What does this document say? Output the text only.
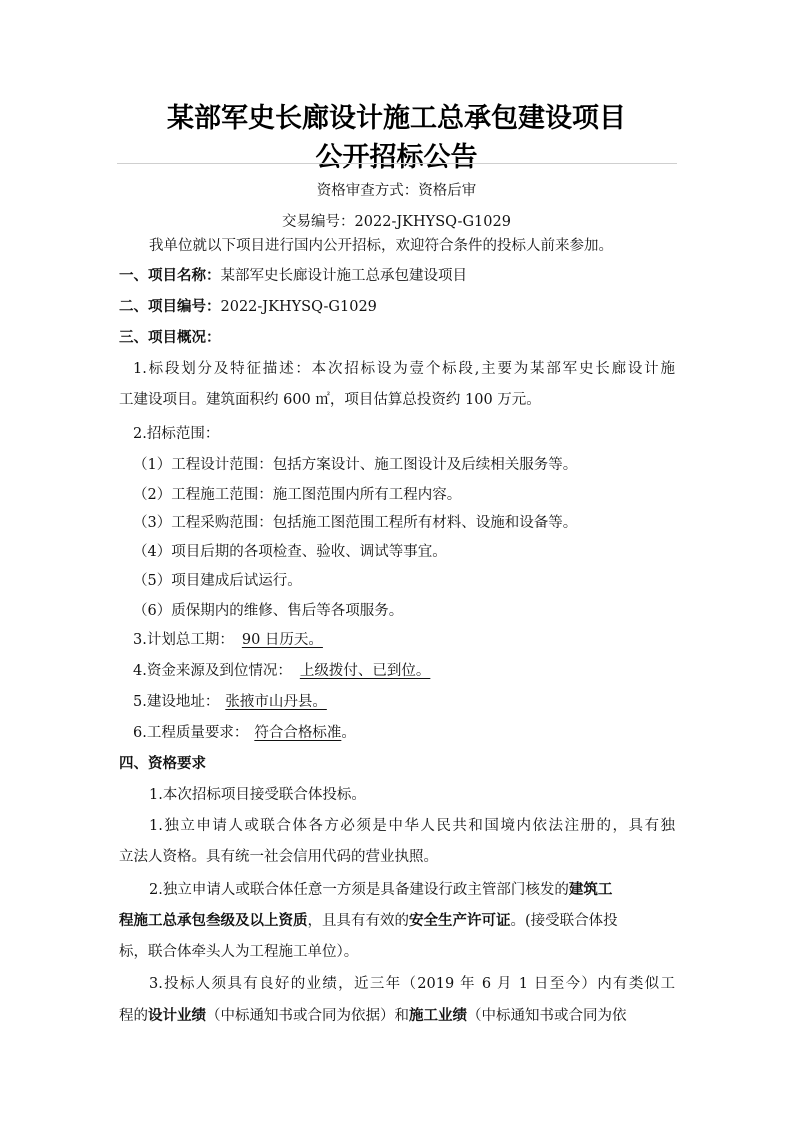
某部军史长廊设计施工总承包建设项目
公开招标公告
资格审查方式：资格后审
交易编号：2022-JKHYSQ-G1029
我单位就以下项目进行国内公开招标，欢迎符合条件的投标人前来参加。
一、项目名称：某部军史长廊设计施工总承包建设项目
二、项目编号：2022-JKHYSQ-G1029
三、项目概况：
1.标段划分及特征描述：本次招标设为壹个标段,主要为某部军史长廊设计施
工建设项目。建筑面积约 600 ㎡，项目估算总投资约 100 万元。
2.招标范围：
（1）工程设计范围：包括方案设计、施工图设计及后续相关服务等。
（2）工程施工范围：施工图范围内所有工程内容。
（3）工程采购范围：包括施工图范围工程所有材料、设施和设备等。
（4）项目后期的各项检查、验收、调试等事宜。
（5）项目建成后试运行。
（6）质保期内的维修、售后等各项服务。
3.计划总工期： 90 日历天。
4.资金来源及到位情况： 上级拨付、已到位。
5.建设地址： 张掖市山丹县。
6.工程质量要求： 符合合格标准。
四、资格要求
1.本次招标项目接受联合体投标。
1.独立申请人或联合体各方必须是中华人民共和国境内依法注册的，具有独
立法人资格。具有统一社会信用代码的营业执照。
2.独立申请人或联合体任意一方须是具备建设行政主管部门核发的建筑工
程施工总承包叁级及以上资质，且具有有效的安全生产许可证。(接受联合体投
标，联合体牵头人为工程施工单位）。
3.投标人须具有良好的业绩，近三年（2019 年 6 月 1 日至今）内有类似工
程的设计业绩（中标通知书或合同为依据）和施工业绩（中标通知书或合同为依
